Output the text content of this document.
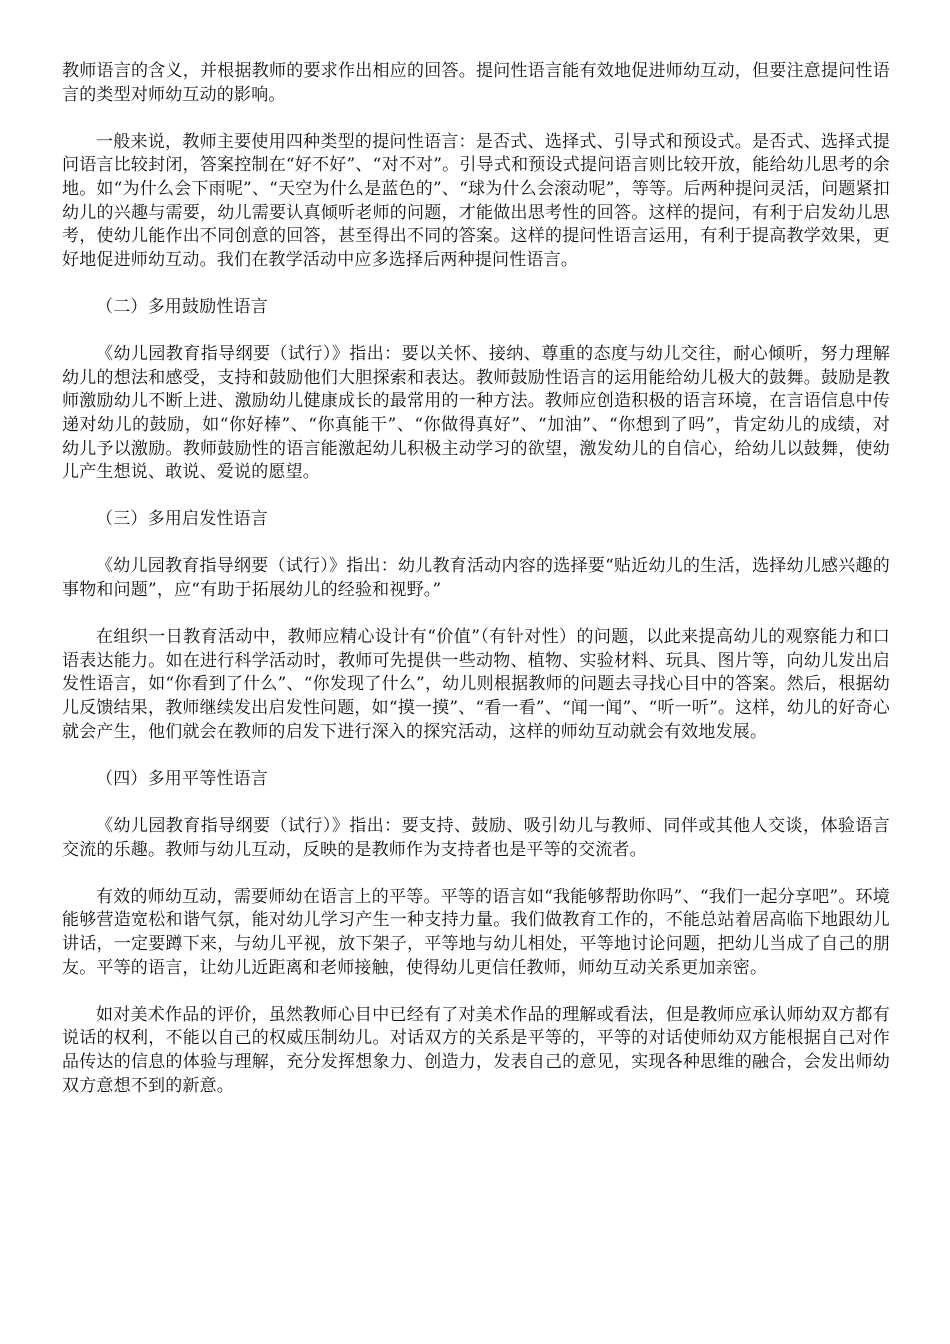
教师语言的含义，并根据教师的要求作出相应的回答。提问性语言能有效地促进师幼互动，但要注意提问性语言的类型对师幼互动的影响。

一般来说，教师主要使用四种类型的提问性语言：是否式、选择式、引导式和预设式。是否式、选择式提问语言比较封闭，答案控制在“好不好”、“对不对”。引导式和预设式提问语言则比较开放，能给幼儿思考的余地。如“为什么会下雨呢”、“天空为什么是蓝色的”、“球为什么会滚动呢”，等等。后两种提问灵活，问题紧扣幼儿的兴趣与需要，幼儿需要认真倾听老师的问题，才能做出思考性的回答。这样的提问，有利于启发幼儿思考，使幼儿能作出不同创意的回答，甚至得出不同的答案。这样的提问性语言运用，有利于提高教学效果，更好地促进师幼互动。我们在教学活动中应多选择后两种提问性语言。

（二）多用鼓励性语言

《幼儿园教育指导纲要（试行）》指出：要以关怀、接纳、尊重的态度与幼儿交往，耐心倾听，努力理解幼儿的想法和感受，支持和鼓励他们大胆探索和表达。教师鼓励性语言的运用能给幼儿极大的鼓舞。鼓励是教师激励幼儿不断上进、激励幼儿健康成长的最常用的一种方法。教师应创造积极的语言环境，在言语信息中传递对幼儿的鼓励，如“你好棒”、“你真能干”、“你做得真好”、“加油”、“你想到了吗”，肯定幼儿的成绩，对幼儿予以激励。教师鼓励性的语言能激起幼儿积极主动学习的欲望，激发幼儿的自信心，给幼儿以鼓舞，使幼儿产生想说、敢说、爱说的愿望。

（三）多用启发性语言

《幼儿园教育指导纲要（试行）》指出：幼儿教育活动内容的选择要“贴近幼儿的生活，选择幼儿感兴趣的事物和问题”，应“有助于拓展幼儿的经验和视野。”

在组织一日教育活动中，教师应精心设计有“价值”（有针对性）的问题，以此来提高幼儿的观察能力和口语表达能力。如在进行科学活动时，教师可先提供一些动物、植物、实验材料、玩具、图片等，向幼儿发出启发性语言，如“你看到了什么”、“你发现了什么”，幼儿则根据教师的问题去寻找心目中的答案。然后，根据幼儿反馈结果，教师继续发出启发性问题，如“摸一摸”、“看一看”、“闻一闻”、“听一听”。这样，幼儿的好奇心就会产生，他们就会在教师的启发下进行深入的探究活动，这样的师幼互动就会有效地发展。

（四）多用平等性语言

《幼儿园教育指导纲要（试行）》指出：要支持、鼓励、吸引幼儿与教师、同伴或其他人交谈，体验语言交流的乐趣。教师与幼儿互动，反映的是教师作为支持者也是平等的交流者。

有效的师幼互动，需要师幼在语言上的平等。平等的语言如“我能够帮助你吗”、“我们一起分享吧”。环境能够营造宽松和谐气氛，能对幼儿学习产生一种支持力量。我们做教育工作的，不能总站着居高临下地跟幼儿讲话，一定要蹲下来，与幼儿平视，放下架子，平等地与幼儿相处，平等地讨论问题，把幼儿当成了自己的朋友。平等的语言，让幼儿近距离和老师接触，使得幼儿更信任教师，师幼互动关系更加亲密。

如对美术作品的评价，虽然教师心目中已经有了对美术作品的理解或看法，但是教师应承认师幼双方都有说话的权利，不能以自己的权威压制幼儿。对话双方的关系是平等的，平等的对话使师幼双方能根据自己对作品传达的信息的体验与理解，充分发挥想象力、创造力，发表自己的意见，实现各种思维的融合，会发出师幼双方意想不到的新意。
